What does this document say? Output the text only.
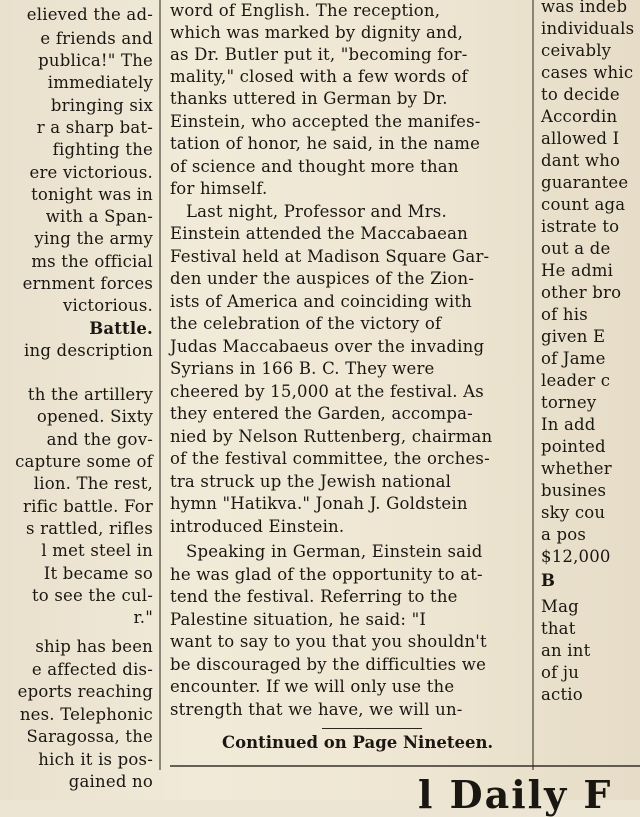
elieved the ad-
e friends and
publica!" The
immediately
bringing six
r a sharp bat-
fighting the
ere victorious.
tonight was in
with a Span-
ying the army
ms the official
ernment forces
victorious.
Battle.
ing description
th the artillery
opened. Sixty
and the gov-
capture some of
lion. The rest,
rific battle. For
s rattled, rifles
l met steel in
It became so
to see the cul-
r."
ship has been
e affected dis-
eports reaching
nes. Telephonic
Saragossa, the
hich it is pos-
gained no
word of English. The reception,
which was marked by dignity and,
as Dr. Butler put it, "becoming for-
mality," closed with a few words of
thanks uttered in German by Dr.
Einstein, who accepted the manifes-
tation of honor, he said, in the name
of science and thought more than
for himself.
Last night, Professor and Mrs.
Einstein attended the Maccabaean
Festival held at Madison Square Gar-
den under the auspices of the Zion-
ists of America and coinciding with
the celebration of the victory of
Judas Maccabaeus over the invading
Syrians in 166 B. C. They were
cheered by 15,000 at the festival. As
they entered the Garden, accompa-
nied by Nelson Ruttenberg, chairman
of the festival committee, the orches-
tra struck up the Jewish national
hymn "Hatikva." Jonah J. Goldstein
introduced Einstein.
Speaking in German, Einstein said
he was glad of the opportunity to at-
tend the festival. Referring to the
Palestine situation, he said: "I
want to say to you that you shouldn't
be discouraged by the difficulties we
encounter. If we will only use the
strength that we have, we will un-
was indeb
individuals
ceivably
cases whic
to decide
Accordin
allowed I
dant who
guarantee
count aga
istrate to
out a de
He admi
other bro
of his
given E
of Jame
leader c
torney
In add
pointed
whether
busines
sky cou
a pos
$12,000
B
Mag
that
an int
of ju
actio
Continued on Page Nineteen.
l Daily F
